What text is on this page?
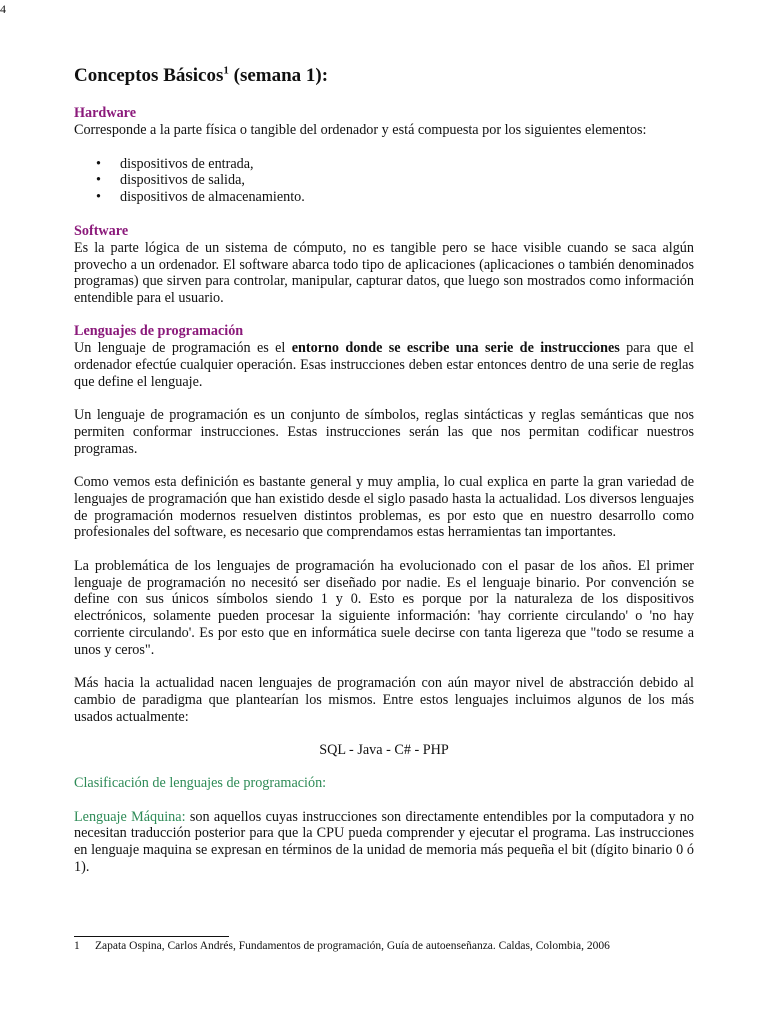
4
Conceptos Básicos$^1$ (semana 1):

Hardware

Corresponde a la parte física o tangible del ordenador y está compuesta por los siguientes elementos:

• dispositivos de entrada,
• dispositivos de salida,
• dispositivos de almacenamiento.

Software

Es la parte lógica de un sistema de cómputo, no es tangible pero se hace visible cuando se saca algún provecho a un ordenador. El software abarca todo tipo de aplicaciones (aplicaciones o también denominados programas) que sirven para controlar, manipular, capturar datos, que luego son mostrados como información entendible para el usuario.

Lenguajes de programación

Un lenguaje de programación es el entorno donde se escribe una serie de instrucciones para que el ordenador efectúe cualquier operación. Esas instrucciones deben estar entonces dentro de una serie de reglas que define el lenguaje.

Un lenguaje de programación es un conjunto de símbolos, reglas sintácticas y reglas semánticas que nos permiten conformar instrucciones. Estas instrucciones serán las que nos permitan codificar nuestros programas.

Como vemos esta definición es bastante general y muy amplia, lo cual explica en parte la gran variedad de lenguajes de programación que han existido desde el siglo pasado hasta la actualidad. Los diversos lenguajes de programación modernos resuelven distintos problemas, es por esto que en nuestro desarrollo como profesionales del software, es necesario que comprendamos estas herramientas tan importantes.

La problemática de los lenguajes de programación ha evolucionado con el pasar de los años. El primer lenguaje de programación no necesitó ser diseñado por nadie. Es el lenguaje binario. Por convención se define con sus únicos símbolos siendo 1 y 0. Esto es porque por la naturaleza de los dispositivos electrónicos, solamente pueden procesar la siguiente información: 'hay corriente circulando' o 'no hay corriente circulando'. Es por esto que en informática suele decirse con tanta ligereza que "todo se resume a unos y ceros".

Más hacia la actualidad nacen lenguajes de programación con aún mayor nivel de abstracción debido al cambio de paradigma que plantearían los mismos. Entre estos lenguajes incluimos algunos de los más usados actualmente:

SQL - Java - C# - PHP

Clasificación de lenguajes de programación:

Lenguaje Máquina: son aquellos cuyas instrucciones son directamente entendibles por la computadora y no necesitan traducción posterior para que la CPU pueda comprender y ejecutar el programa. Las instrucciones en lenguaje maquina se expresan en términos de la unidad de memoria más pequeña el bit (dígito binario 0 ó 1).

1 Zapata Ospina, Carlos Andrés, Fundamentos de programación, Guía de autoenseñanza. Caldas, Colombia, 2006
